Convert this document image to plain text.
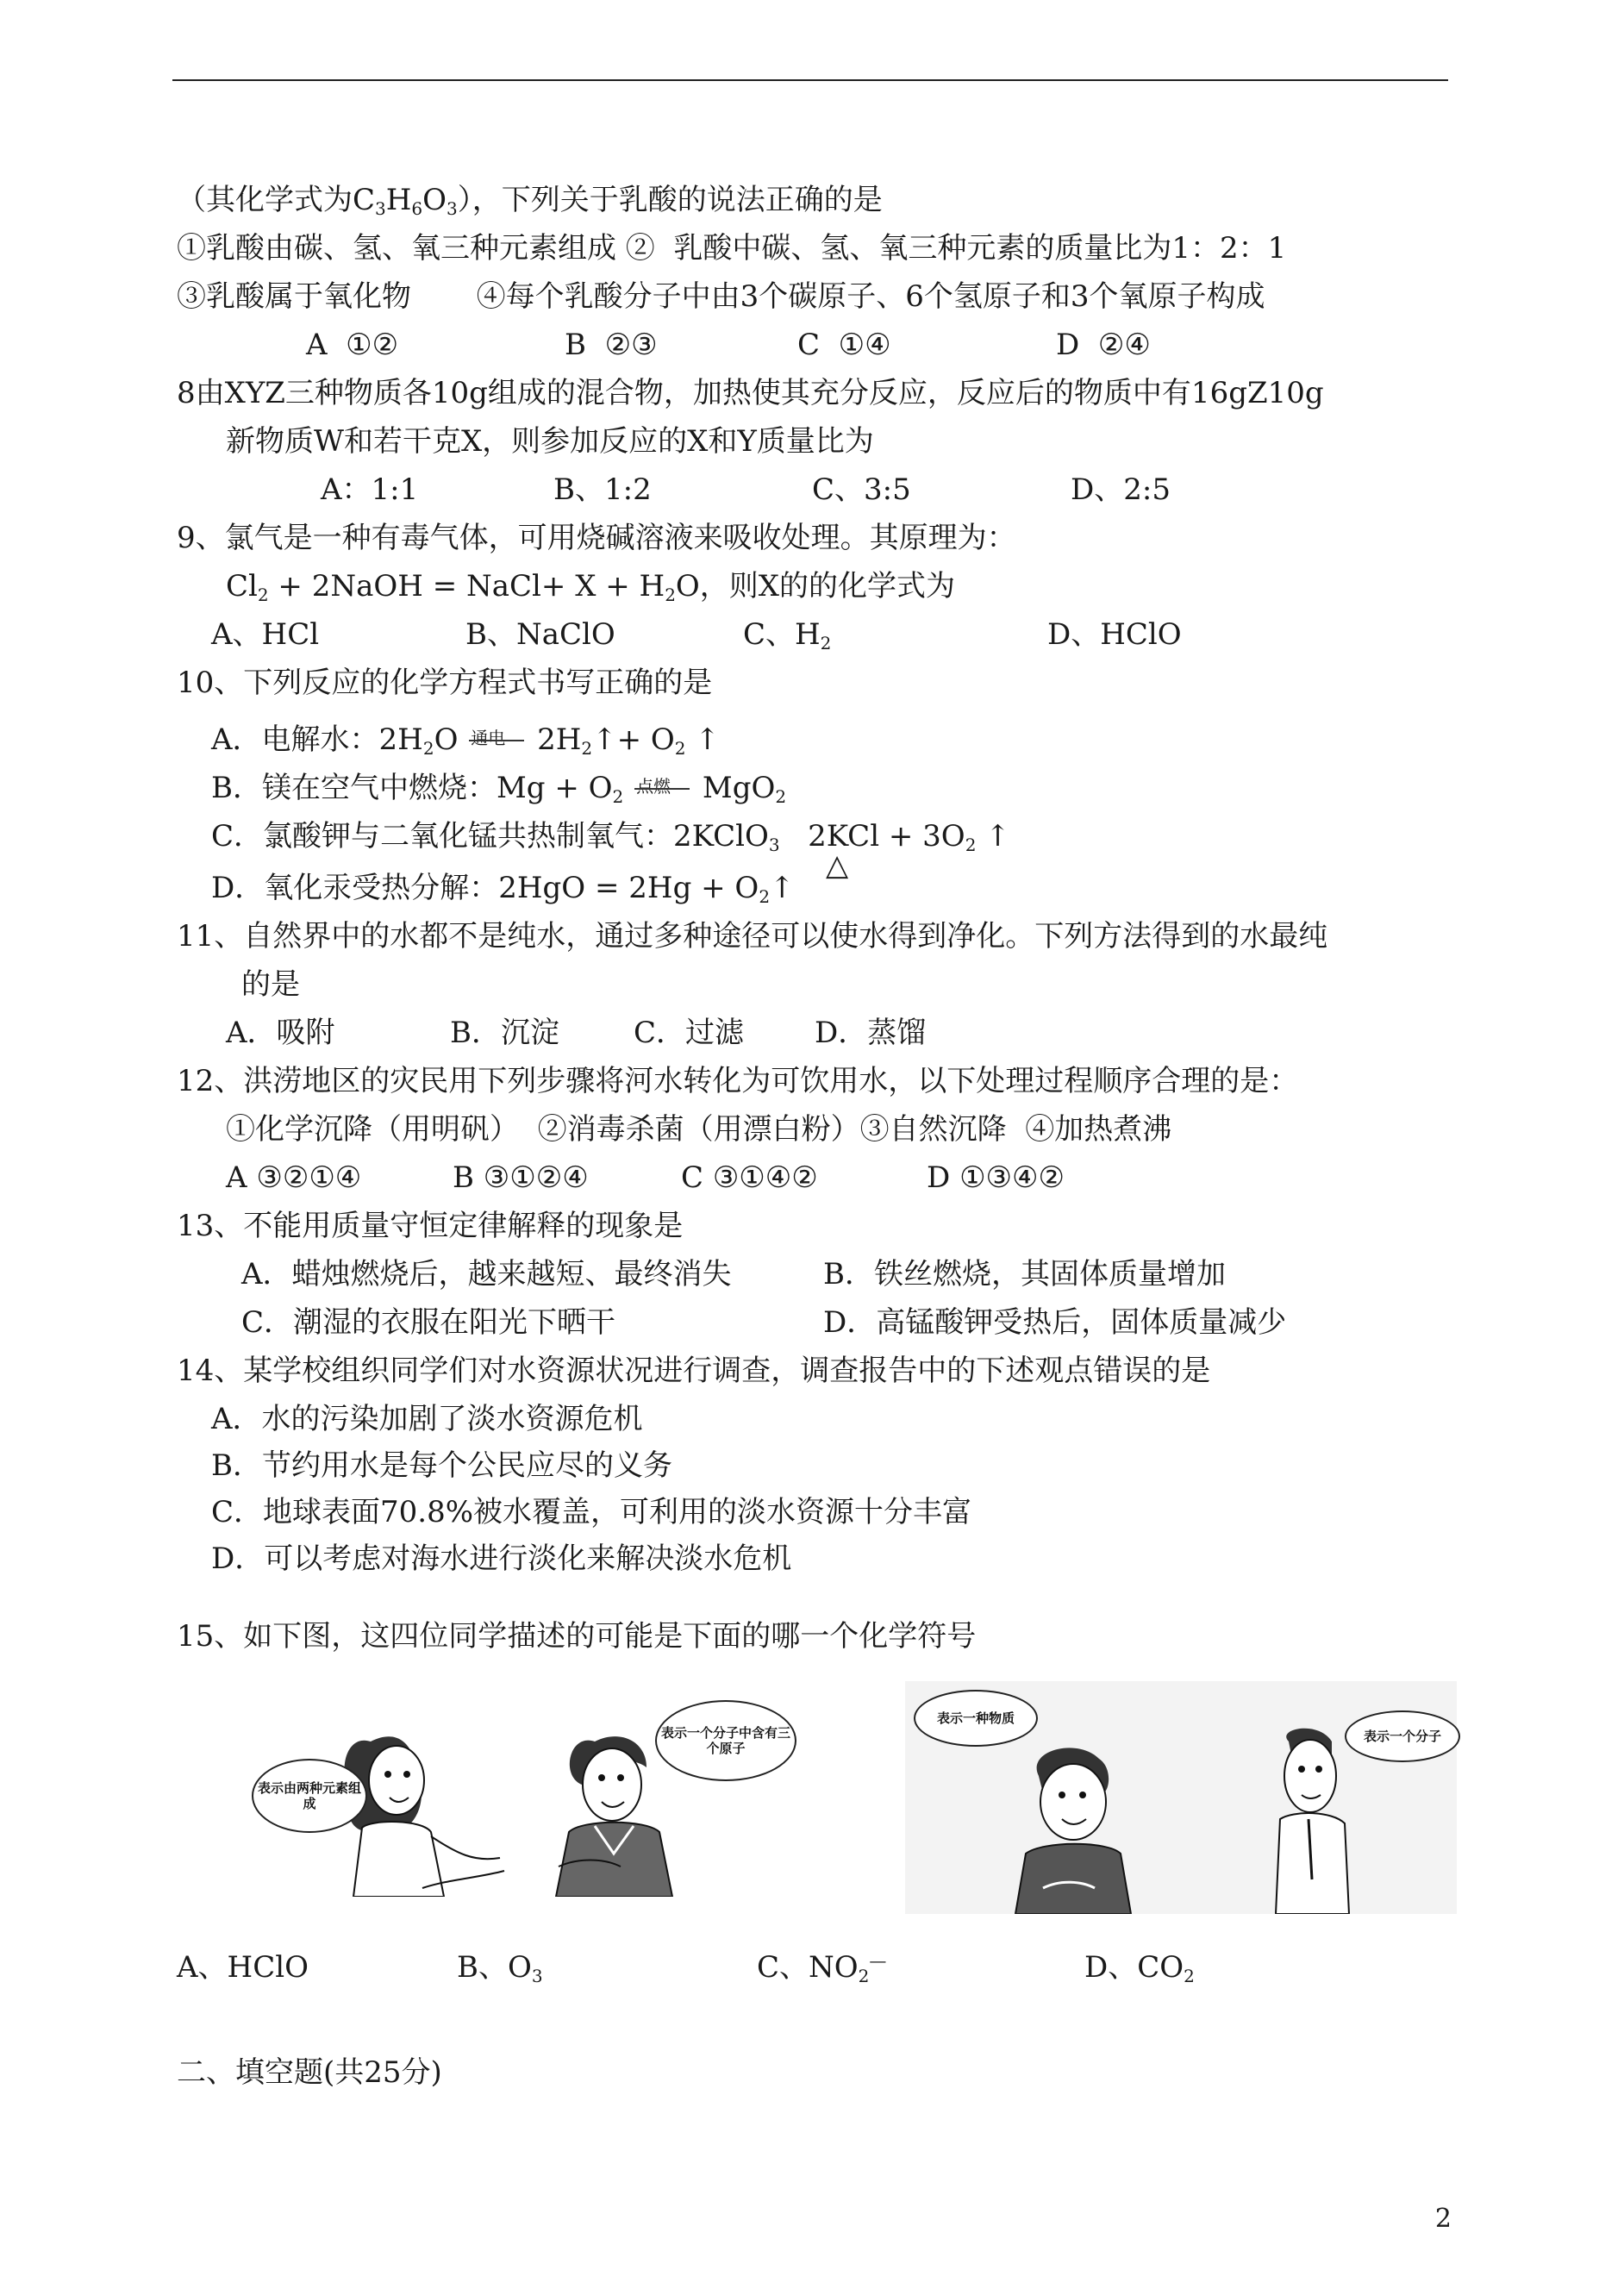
（其化学式为$C_3H_6O_3$），下列关于乳酸的说法正确的是
①乳酸由碳、氢、氧三种元素组成 ②  乳酸中碳、氢、氧三种元素的质量比为1：2：1
③乳酸属于氧化物       ④每个乳酸分子中由3个碳原子、6个氢原子和3个氧原子构成
A  ①②	B  ②③	C  ①④	D  ②④
8由XYZ三种物质各10g组成的混合物，加热使其充分反应，反应后的物质中有16gZ10g
新物质W和若干克X，则参加反应的X和Y质量比为
A：1:1	B、1:2	C、3:5	D、2:5
9、氯气是一种有毒气体，可用烧碱溶液来吸收处理。其原理为：
$Cl_2$ + 2NaOH = NaCl+ $X + H_2O$，则X的的化学式为
A、HCl	B、NaClO	C、$H_2$	D、HClO
10、下列反应的化学方程式书写正确的是
A．电解水：$2H_2O$ 通电 $2H_2↑+ O_2$ ↑
B．镁在空气中燃烧：$Mg + O_2$ 点燃 MgO$_2$
C．氯酸钾与二氧化锰共热制氧气：2KClO$_3$   $2KCl + 3O_2$ ↑
△
D．氧化汞受热分解：$2HgO = 2Hg + O_2↑$
11、自然界中的水都不是纯水，通过多种途径可以使水得到净化。下列方法得到的水最纯
的是
A．吸附	B．沉淀	C．过滤 D．蒸馏
12、洪涝地区的灾民用下列步骤将河水转化为可饮用水，以下处理过程顺序合理的是：
①化学沉降（用明矾）  ②消毒杀菌（用漂白粉）③自然沉降  ④加热煮沸
A ③②①④	B ③①②④	C ③①④②	D ①③④②
13、不能用质量守恒定律解释的现象是
A．蜡烛燃烧后，越来越短、最终消失	B．铁丝燃烧，其固体质量增加
C．潮湿的衣服在阳光下晒干	D．高锰酸钾受热后，固体质量减少
14、某学校组织同学们对水资源状况进行调查，调查报告中的下述观点错误的是
A．水的污染加剧了淡水资源危机
B．节约用水是每个公民应尽的义务
C．地球表面70.8%被水覆盖，可利用的淡水资源十分丰富
D．可以考虑对海水进行淡化来解决淡水危机
15、如下图，这四位同学描述的可能是下面的哪一个化学符号
表示由两种元素组成
表示一个分子中含有三个原子
表示一种物质
表示一个分子
A、HClO	B、$O_3$	C、$NO_2^—$	D、$CO_2$
二、填空题(共25分)
2
